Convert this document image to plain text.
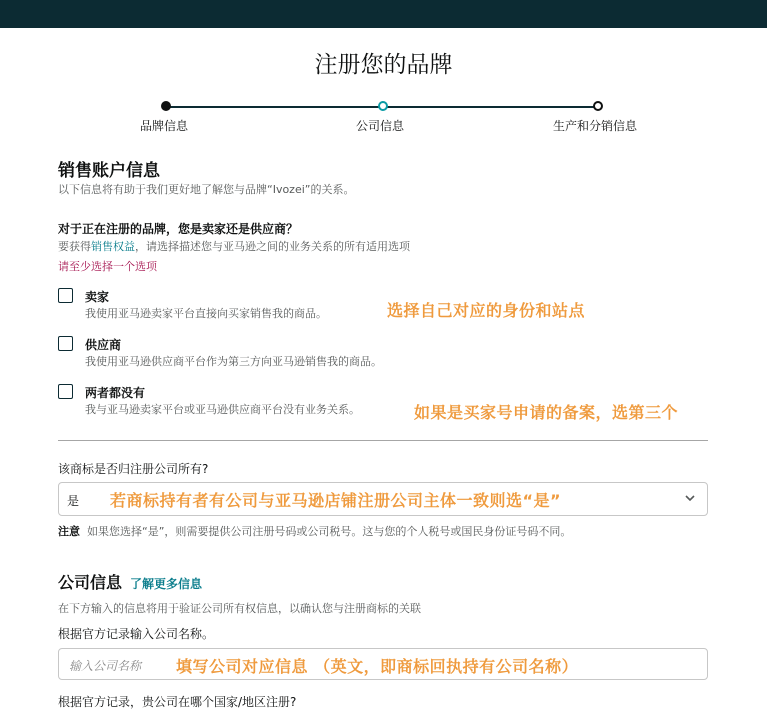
注册您的品牌
品牌信息	公司信息	生产和分销信息
销售账户信息
以下信息将有助于我们更好地了解您与品牌“Ivozei”的关系。
对于正在注册的品牌，您是卖家还是供应商？
要获得销售权益，请选择描述您与亚马逊之间的业务关系的所有适用选项
请至少选择一个选项
卖家
我使用亚马逊卖家平台直接向买家销售我的商品。
供应商
我使用亚马逊供应商平台作为第三方向亚马逊销售我的商品。
两者都没有
我与亚马逊卖家平台或亚马逊供应商平台没有业务关系。
选择自己对应的身份和站点
如果是买家号申请的备案，选第三个
该商标是否归注册公司所有?
是 若商标持有者有公司与亚马逊店铺注册公司主体一致则选“是”
注意 如果您选择“是”，则需要提供公司注册号码或公司税号。这与您的个人税号或国民身份证号码不同。
公司信息 了解更多信息
在下方输入的信息将用于验证公司所有权信息，以确认您与注册商标的关联
根据官方记录输入公司名称。
输入公司名称 填写公司对应信息 （英文，即商标回执持有公司名称）
根据官方记录，贵公司在哪个国家/地区注册?
